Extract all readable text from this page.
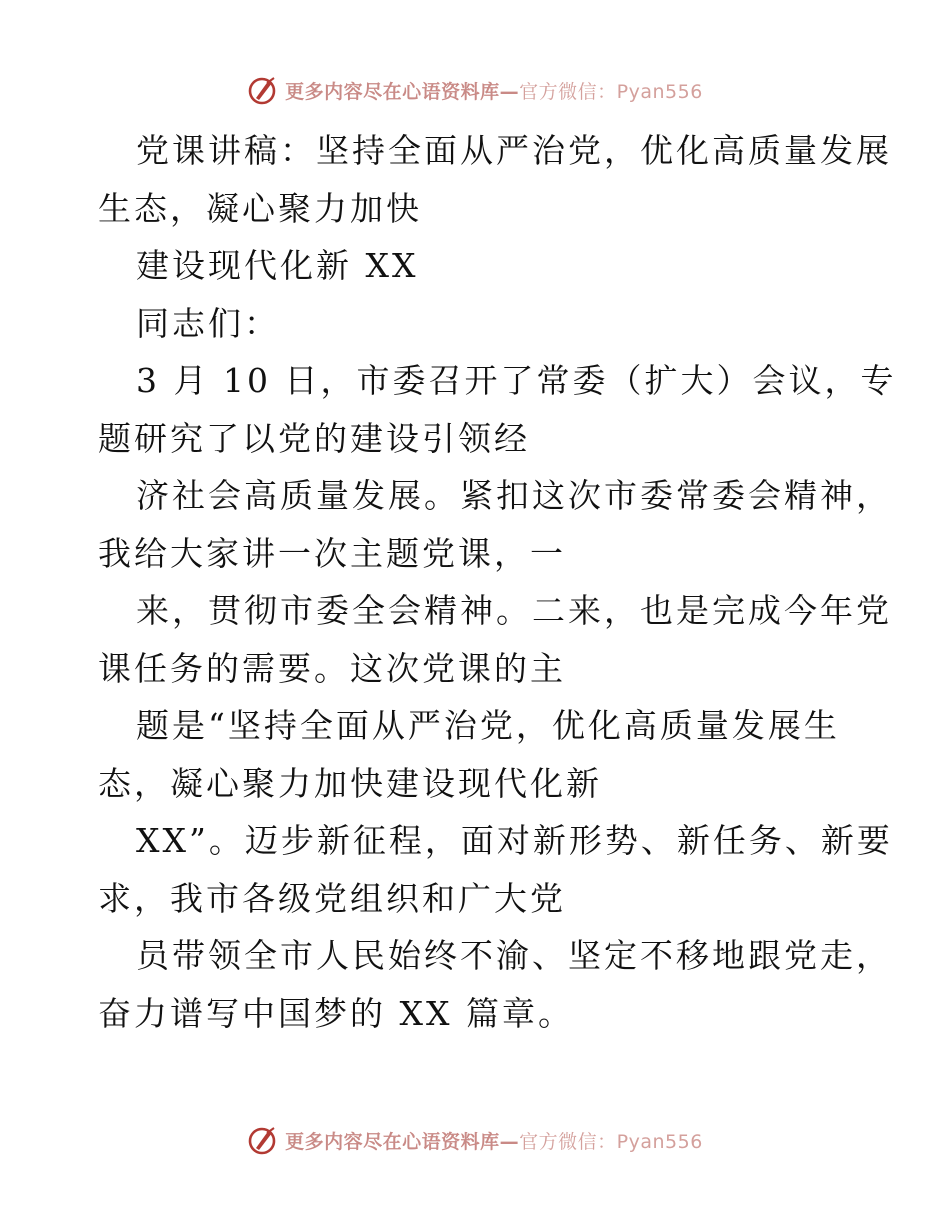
更多内容尽在心语资料库—官方微信：Pyan556
党课讲稿：坚持全面从严治党，优化高质量发展
生态，凝心聚力加快
建设现代化新 XX
同志们：
3 月 10 日，市委召开了常委（扩大）会议，专
题研究了以党的建设引领经
济社会高质量发展。紧扣这次市委常委会精神，
我给大家讲一次主题党课，一
来，贯彻市委全会精神。二来，也是完成今年党
课任务的需要。这次党课的主
题是“坚持全面从严治党，优化高质量发展生
态，凝心聚力加快建设现代化新
XX”。迈步新征程，面对新形势、新任务、新要
求，我市各级党组织和广大党
员带领全市人民始终不渝、坚定不移地跟党走，
奋力谱写中国梦的 XX 篇章。
更多内容尽在心语资料库—官方微信：Pyan556
